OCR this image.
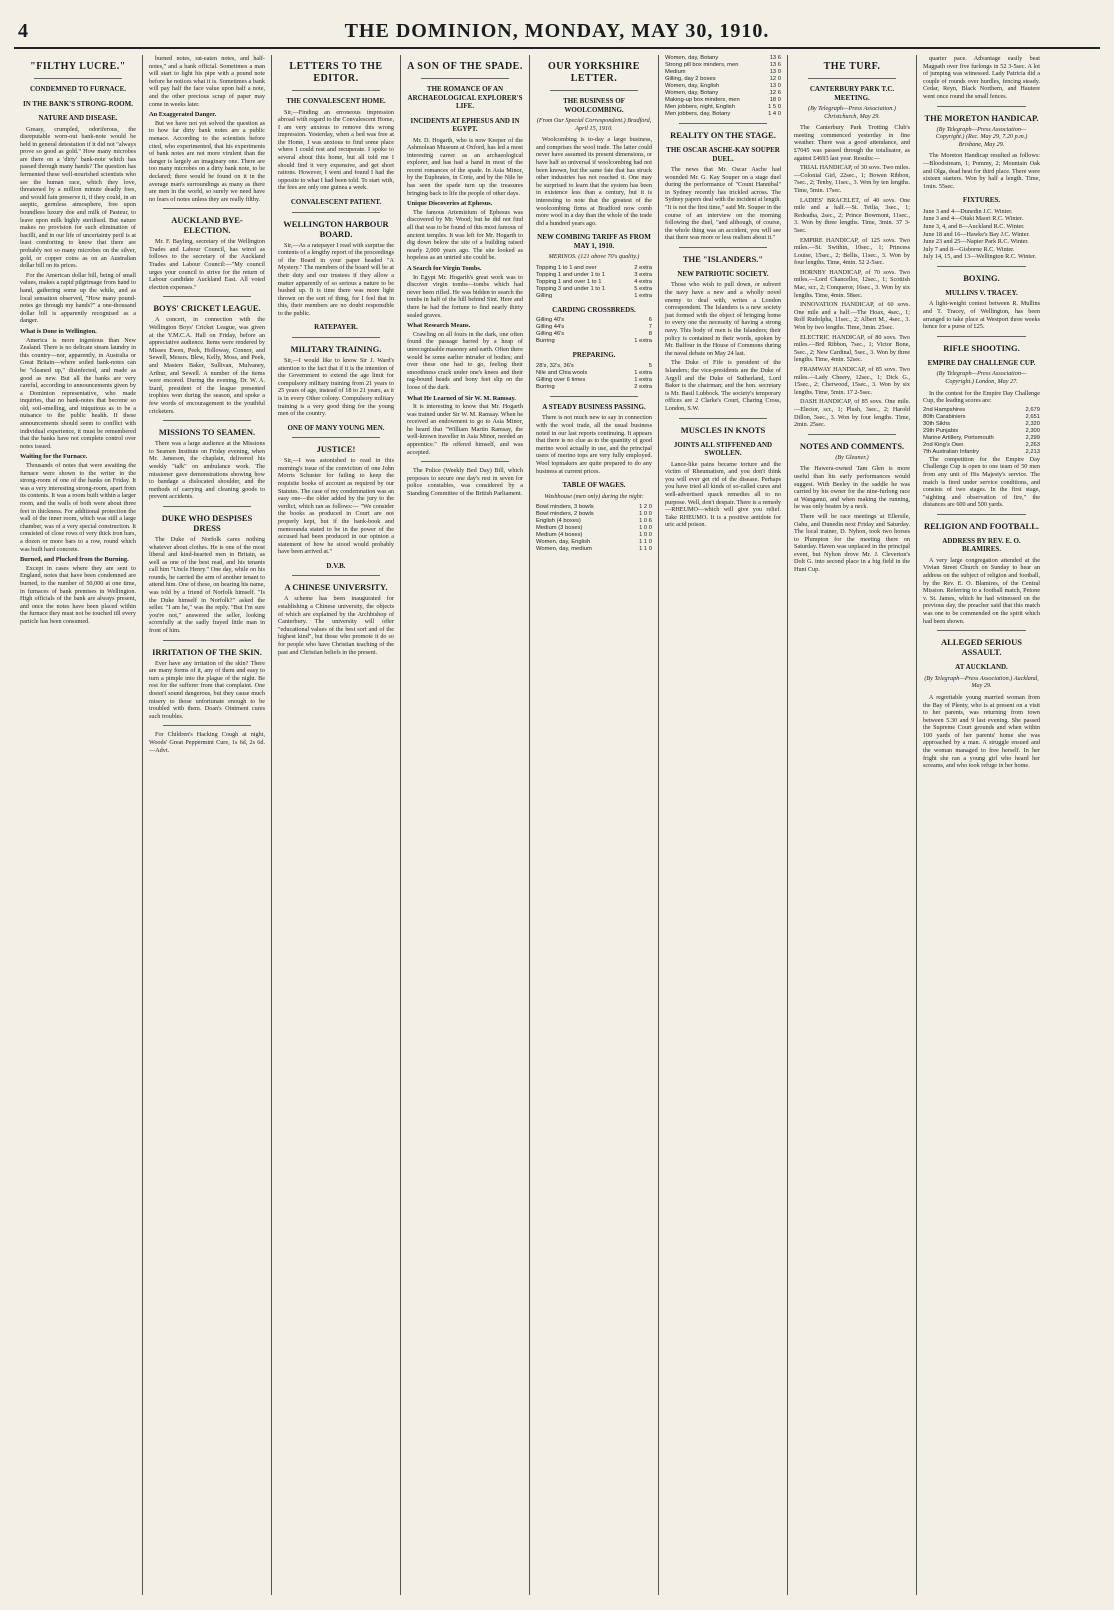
4	THE DOMINION, MONDAY, MAY 30, 1910.
"FILTHY LUCRE."
CONDEMNED TO FURNACE.
IN THE BANK'S STRONG-ROOM.
NATURE AND DISEASE.

Greasy, crumpled, odoriferous, the disreputable worn-out bank-note would be held in general detestation if it did not "always prove so good as gold." How many microbes are there on a 'dirty' bank-note which has passed through many hands? The question has fermented these well-nourished scientists who see the human race, which they love, threatened by a million minute deadly foes, and would fain preserve it, if they could, in an aseptic, germless atmosphere, free upon boundless luxury doe and milk of Pasteur, to leave upon milk highly sterilised. But nature makes no provision for such elimination of bacilli, and in our life of uncertainty peril is at least comforting to know that there are probably not so many microbes on the silver, gold, or copper coins as on an Australian dollar bill on its prices.

For the American dollar bill, being of small values, makes a rapid pilgrimage from hand to hand, gathering some up the while, and as local sensation observed, "How many pound-notes go through my hands?" a one-thousand dollar bill is apparently recognised as a danger.

What is Done in Wellington.

America is more ingenious than New Zealand. There is no delicate steam laundry in this country—nor, apparently, in Australia or Great Britain—where soiled bank-notes can be "cleaned up," disinfected, and made as good as new. But all the banks are very careful, according to announcements given by a Dominion representative, who made inquiries, that no bank-notes that become so old, soil-smelling, and iniquitous as to be a nuisance to the public health. If these announcements should seem to conflict with individual experience, it must be remembered that the banks have not complete control over notes issued.

Waiting for the Furnace.

Thousands of notes that were awaiting the furnace were shown to the writer in the strong-room of one of the banks on Friday. It was a very interesting strong-room, apart from its contents. It was a room built within a larger room, and the walls of both were about three feet in thickness. For additional protection the wall of the inner room, which was still a large chamber, was of a very special construction. It consisted of close rows of very thick iron bars, a dozen or more bars to a row, round which was built hard concrete.

Burned, and Plucked from the Burning.

Except in cases where they are sent to England, notes that have been condemned are burned, to the number of 50,000 at one time, in furnaces of bank premises in Wellington. High officials of the bank are always present, and once the notes have been placed within the furnace they must not be touched till every particle has been consumed.

burned notes, rat-eaten notes, and half-notes," and a bank official. Sometimes a man will start to light his pipe with a pound note before he notices what it is. Sometimes a bank will pay half the face value upon half a note, and the other precious scrap of paper may come in weeks later.

An Exaggerated Danger.

But we have not yet solved the question as to how far dirty bank notes are a public menace. According to the scientists before cited, who experimented, that his experiments of bank notes are not more virulent than the danger is largely an imaginary one. There are too many microbes on a dirty bank note, to be declared; there would be found on it in the average man's surroundings as many as there are men in the world, so surely we need have no fears of notes unless they are really filthy.

AUCKLAND BYE-ELECTION.

Mr. F. Bayling, secretary of the Wellington Trades and Labour Council, has wired as follows to the secretary of the Auckland Trades and Labour Council:—"My council urges your council to strive for the return of Labour candidate Auckland East. All voted election expenses."

BOYS' CRICKET LEAGUE.

A concert, in connection with the Wellington Boys' Cricket League, was given at the Y.M.C.A. Hall on Friday, before an appreciative audience. Items were rendered by Misses Ewen, Peek, Holloway, Connor, and Sewell, Messrs. Blew, Kelly, Moss, and Peek, and Masters Baker, Sullivan, Mulvaney, Arthur, and Sewell. A number of the items were encored. During the evening, Dr. W. A. Izard, president of the league presented trophies won during the season, and spoke a few words of encouragement to the youthful cricketers.

MISSIONS TO SEAMEN.

There was a large audience at the Missions to Seamen Institute on Friday evening, when Mr. Jameson, the chaplain, delivered his weekly "talk" on ambulance work. The missioner gave demonstrations showing how to bandage a dislocated shoulder, and the methods of carrying and cleaning goods to prevent accidents.

DUKE WHO DESPISES DRESS

The Duke of Norfolk cares nothing whatever about clothes. He is one of the most liberal and kind-hearted men in Britain, as well as one of the best read, and his tenants call him "Uncle Henry." One day, while on his rounds, he carried the arm of another tenant to attend him. One of these, on hearing his name, was told by a friend of Norfolk himself. "Is the Duke himself in Norfolk?" asked the seller. "I am he," was the reply. "But I'm sure you're not," answered the seller, looking scornfully at the sadly frayed little man in front of him.

IRRITATION OF THE SKIN.

Ever have any irritation of the skin? There are many forms of it, any of them and easy to turn a pimple into the plague of the night. Be rest for the sufferer from that complaint. One doesn't sound dangerous, but they cause much misery to those unfortunate enough to be troubled with them. Doan's Ointment cures such troubles.

For Children's Hacking Cough at night, Woods' Great Peppermint Cure, 1s 6d, 2s 6d.—Advt.

LETTERS TO THE EDITOR.
THE CONVALESCENT HOME.

Sir,—Finding an erroneous impression abroad with regard to the Convalescent Home, I am very anxious to remove this wrong impression. Yesterday, when a bed was free at the Home, I was anxious to find some place where I could rest and recuperate. I spoke to several about this home, but all told me I should find it very expensive, and get short rations. However, I went and found I had the opposite to what I had been told. To start with, the fees are only one guinea a week.

CONVALESCENT PATIENT.
WELLINGTON HARBOUR BOARD.

Sir,—As a ratepayer I read with surprise the contents of a lengthy report of the proceedings of the Board in your paper headed "A Mystery." The members of the board will be at their duty and our trustees if they allow a matter apparently of so serious a nature to be hushed up. It is time there was more light thrown on the sort of thing, for I feel that in this, their members are no doubt responsible to the public.

RATEPAYER.
MILITARY TRAINING.

Sir,—I would like to know Sir J. Ward's attention to the fact that if it is the intention of the Government to extend the age limit for compulsory military training from 21 years to 25 years of age, instead of 18 to 21 years, as it is in every Other colony. Compulsory military training is a very good thing for the young men of the country.

ONE OF MANY YOUNG MEN.
JUSTICE!

Sir,—I was astonished to read in this morning's issue of the conviction of one John Morris Schuster for failing to keep the requisite books of account as required by our Statutes. The case of my condemnation was an easy one—the older added by the jury to the verdict, which ran as follows:— "We consider the books as produced in Court are not properly kept, but if the bank-book and memoranda stated to be in the power of the accused had been produced in our opinion a statement of how he stood would probably have been arrived at."

D.V.B.
A CHINESE UNIVERSITY.

A scheme has been inaugurated for establishing a Chinese university, the objects of which are explained by the Archbishop of Canterbury. The university will offer "educational values of the best sort and of the highest kind", but those who promote it do so for people who have Christian teaching of the past and Christian beliefs in the present.

A SON OF THE SPADE.
THE ROMANCE OF AN ARCHAEOLOGICAL EXPLORER'S LIFE.
INCIDENTS AT EPHESUS AND IN EGYPT.

Mr. D. Hogarth, who is now Keeper of the Ashmolean Museum at Oxford, has led a most interesting career as an archaeological explorer, and has had a hand in most of the recent romances of the spade. In Asia Minor, by the Euphrates, in Crete, and by the Nile he has seen the spade turn up the treasures bringing back to life the people of other days.

Unique Discoveries at Ephesus.

The famous Artemisium of Ephesus was discovered by Mr. Wood; but he did not find all that was to be found of this most famous of ancient temples. It was left for Mr. Hogarth to dig down below the site of a building raised nearly 2,000 years ago. The site looked as hopeless as an untried site could be.

A Search for Virgin Tombs.

In Egypt Mr. Hogarth's great work was to discover virgin tombs—tombs which had never been rifled. He was bidden to search the tombs in half of the hill behind Sint. Here and there he had the fortune to find nearly thirty sealed graves.

What Research Means.

Crawling on all fours in the dark, one often found the passage barred by a heap of unrecognisable masonry and earth. Often there would be some earlier intruder of bodies; and over these one had to go, feeling their smoothness crack under one's knees and their rag-bound heads and bony feet slip on the loose of the dark.

What He Learned of Sir W. M. Ramsay.

It is interesting to know that Mr. Hogarth was trained under Sir W. M. Ramsay. When he received an endowment to go to Asia Minor, he heard that "William Martin Ramsay, the well-known traveller in Asia Minor, needed an apprentice." He offered himself, and was accepted.

The Police (Weekly Bed Day) Bill, which proposes to secure one day's rest in seven for police constables, was considered by a Standing Committee of the British Parliament.

OUR YORKSHIRE LETTER.
THE BUSINESS OF WOOLCOMBING.
(From Our Special Correspondent.) Bradford, April 15, 1910.

Woolcombing is to-day a large business, and comprises the wool trade. The latter could never have assumed its present dimensions, or have half so universal if woolcombing had not been known, but the same fate that has struck other industries has not reached it. One may be surprised to learn that the system has been in existence less than a century, but it is interesting to note that the greatest of the woolcombing firms at Bradford now comb more wool in a day than the whole of the trade did a hundred years ago.

NEW COMBING TARIFF AS FROM MAY 1, 1910.
MERINOS. (121 above 70's quality.)
Topping 1 to 1 and over	2 extra
Topping 1 and under 1 to 1	3 extra
Topping 1 and over 1 to 1	4 extra
Topping 3 and under 1 to 1	5 extra
Gilling	1 extra
CARDING CROSSBREDS.
Gilling 40's	6
Gilling 44's	7
Gilling 46's	8
Burring	1 extra
PREPARING.
28's, 32's, 36's	5
Nile and Chia wools	1 extra
Gilling over 6 times	1 extra
Burring	2 extra
A STEADY BUSINESS PASSING.

There is not much new to say in connection with the wool trade, all the usual business noted in our last reports continuing. It appears that there is no clue as to the quantity of good merino wool actually in use, and the principal users of merino tops are very fully employed. Wool topmakers are quite prepared to do any business at current prices.

TABLE OF WAGES.
Washhouse (men only) during the night:
Bowl minders, 3 bowls	1 2 0
Bowl minders, 2 bowls	1 0 0
English (4 boxes)	1 0 6
Medium (3 boxes)	1 0 0
Medium (4 boxes)	1 0 0
Women, day, English	1 1 0
Women, day, medium	1 1 0
Women, day, Botany	13 6
Strong pill box minders, men	13 6
Medium	13 0
Gilling, day 2 boxes	12 0
Women, day, English	13 0
Women, day, Botany	12 6
Making-up box minders, men	18 0
Men jobbers, night, English	1 5 0
Men jobbers, day, Botany	1 4 0
REALITY ON THE STAGE.
THE OSCAR ASCHE-KAY SOUPER DUEL.

The news that Mr. Oscar Asche had wounded Mr. G. Kay Souper on a stage duel during the performance of "Count Hannibal" in Sydney recently has trickled across. The Sydney papers deal with the incident at length. "It is not the first time," said Mr. Souper in the course of an interview on the morning following the duel, "and although, of course, the whole thing was an accident, you will see that there was more or less realism about it."

THE "ISLANDERS."
NEW PATRIOTIC SOCIETY.

Those who wish to pull down, or subvert the navy have a new and a wholly novel enemy to deal with, writes a London correspondent. The Islanders is a new society just formed with the object of bringing home to every one the necessity of having a strong navy. This body of men is the Islanders; their policy is contained in their words, spoken by Mr. Balfour in the House of Commons during the naval debate on May 24 last.

The Duke of Fife is president of the Islanders; the vice-presidents are the Duke of Argyll and the Duke of Sutherland, Lord Baker is the chairman; and the hon. secretary is Mr. Basil Lubbock. The society's temporary offices are 2 Clarke's Court, Charing Cross, London, S.W.

MUSCLES IN KNOTS
JOINTS ALL STIFFENED AND SWOLLEN.

Lance-like pains became torture and the victim of Rheumatism, and you don't think you will ever get rid of the disease. Perhaps you have tried all kinds of so-called cures and well-advertised quack remedies all to no purpose. Well, don't despair. There is a remedy—RHEUMO—which will give you relief. Take RHEUMO. It is a positive antidote for uric acid poison.

THE TURF.
CANTERBURY PARK T.C. MEETING.
(By Telegraph—Press Association.) Christchurch, May 29.

The Canterbury Park Trotting Club's meeting commenced yesterday in fine weather. There was a good attendance, and £7045 was passed through the totalisator, as against £4693 last year. Results:—

TRIAL HANDICAP, of 30 sovs. Two miles.—Colonial Girl, 22sec., 1; Bowen Ribbon, 7sec., 2; Tenby, 11sec., 3. Won by ten lengths. Time, 5min. 17sec.

LADIES' BRACELET, of 40 sovs. One mile and a half.—St. Tetlia, 3sec., 1; Redeatha, 2sec., 2; Prince Bowmont, 11sec., 3. Won by three lengths. Time, 3min. 37 3-5sec.

EMPIRE HANDICAP, of 125 sovs. Two miles.—St. Swithin, 10sec., 1; Princess Louise, 15sec., 2; Bellis, 11sec., 3. Won by four lengths. Time, 4min. 52 2-5sec.

HORNBY HANDICAP, of 70 sovs. Two miles.—Lord Chancellor, 12sec., 1; Scottish Mac, scr., 2; Conqueror, 16sec., 3. Won by six lengths. Time, 4min. 58sec.

INNOVATION HANDICAP, of 60 sovs. One mile and a half.—The Hoax, 4sec., 1; Rolf Rudolpha, 11sec., 2; Albert M., 4sec., 3. Won by two lengths. Time, 3min. 25sec.

ELECTRIC HANDICAP, of 80 sovs. Two miles.—Brd Ribbon, 7sec., 1; Victor Bone, 5sec., 2; New Cardinal, 5sec., 3. Won by three lengths. Time, 4min. 52sec.

FRAMWAY HANDICAP, of 85 sovs. Two miles.—Lady Cheery, 12sec., 1; Dick G., 15sec., 2; Cherwood, 15sec., 3. Won by six lengths. Time, 5min. 17 2-5sec.

DASH HANDICAP, of 85 sovs. One mile.—Elector, scr., 1; Plush, 3sec., 2; Harold Dillon, 5sec., 3. Won by four lengths. Time, 2min. 25sec.

NOTES AND COMMENTS.
(By Gleaner.)

The Hawera-owned Tam Glen is more useful than his early performances would suggest. With Beeley in the saddle he was carried by his owner for the nine-furlong race at Wanganui, and when making the running, he was only beaten by a neck.

There will be race meetings at Ellersile, Oahu, and Dunedin next Friday and Saturday. The local trainer, D. Nyhon, took two horses to Plumpton for the meeting there on Saturday. Haven was unplaced in the principal event, but Nyhon drove Mr. J. Cleverton's Dolt G. into second place in a big field in the Hunt Cup.

quarter pace. Advantage easily beat Magpath over five furlongs in 52 3-5sec. A lot of jumping was witnessed. Lady Patricia did a couple of rounds over hurdles, fencing steady. Cedar, Reyn, Black Northern, and Hautere went once round the small fences.

THE MORETON HANDICAP.
(By Telegraph—Press Association—Copyright.) (Rec. May 29, 7.20 p.m.) Brisbane, May 29.

The Moreton Handicap resulted as follows:—Bloodstream, 1; Pommy, 2; Mountain Oak and Olga, dead heat for third place. There were sixteen starters. Won by half a length. Time, 1min. 55sec.

FIXTURES.
June 3 and 4—Dunedin J.C. Winter.
June 3 and 4—Otaki Maori R.C. Winter.
June 3, 4, and 8—Auckland R.C. Winter.
June 18 and 16—Hawke's Bay J.C. Winter.
June 23 and 25—Napier Park R.C. Winter.
July 7 and 8—Gisborne R.C. Winter.
July 14, 15, and 13—Wellington R.C. Winter.
BOXING.
MULLINS V. TRACEY.

A light-weight contest between R. Mullins and T. Tracey, of Wellington, has been arranged to take place at Westport three weeks hence for a purse of £25.

RIFLE SHOOTING.
EMPIRE DAY CHALLENGE CUP.
(By Telegraph—Press Association—Copyright.) London, May 27.

In the contest for the Empire Day Challenge Cup, the leading scores are:

2nd Hampshires	2,679
80th Carabiniers	2,651
30th Sikhs	2,320
29th Punjabis	2,300
Marine Artillery, Portsmouth	2,299
2nd King's Own	2,263
7th Australian Infantry	2,213

The competition for the Empire Day Challenge Cup is open to one team of 50 men from any unit of His Majesty's service. The match is fired under service conditions, and consists of two stages. In the first stage, "sighting and observation of fire," the distances are 600 and 500 yards.

RELIGION AND FOOTBALL.
ADDRESS BY REV. E. O. BLAMIRES.

A very large congregation attended at the Vivian Street Church on Sunday to hear an address on the subject of religion and football, by the Rev. E. O. Blamires, of the Central Mission. Referring to a football match, Petone v. St. James, which he had witnessed on the previous day, the preacher said that this match was one to be commended on the spirit which had been shown.

ALLEGED SERIOUS ASSAULT.
AT AUCKLAND.
(By Telegraph—Press Association.) Auckland, May 29.

A regrettable young married woman from the Bay of Plenty, who is at present on a visit to her parents, was returning from town between 5.30 and 9 last evening. She passed the Supreme Court grounds and when within 100 yards of her parents' home she was approached by a man. A struggle ensued and the woman managed to free herself. In her fright she ran a young girl who heard her screams, and who took refuge in her home.
